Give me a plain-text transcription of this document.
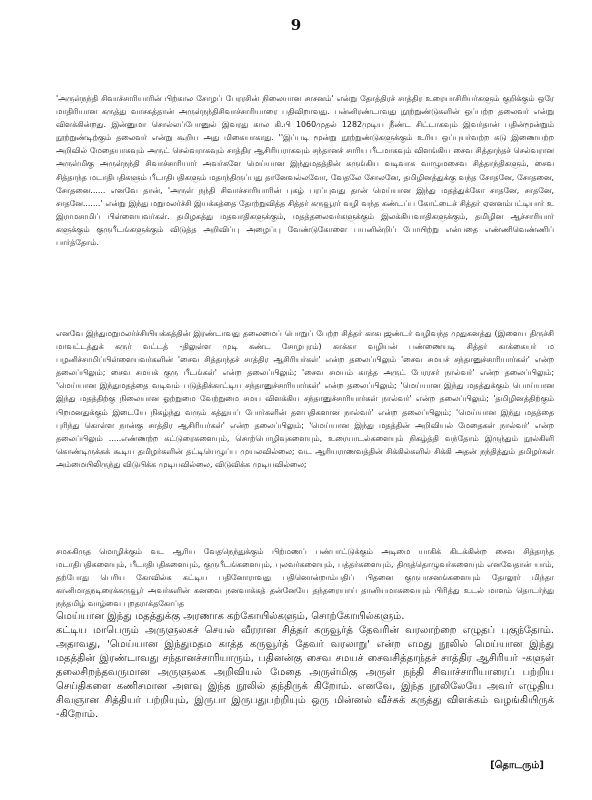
9
'அருள்நந்தி சிவாச்சாரியாரின் பிற்கால சோழப் பேரரசின் நிலையான சாசனம்' என்று தோத்திரச் சாத்திர உரையாசிரியர்களும் குறிக்கும் ஒரே மாதிரியான கருத்து வாசகத்தான் அருள்நந்திசிவாச்சாரியாரை பதிவிறாவது. பன்னிரண்டாவது நூற்றுண்டுகளின் ஒப்பற்ற தலைவர் என்று விளக்கின்றது. இன்னுமா சொல்லப்போனுல் இவரது கால கி.பி 1060முதல் 1282முடிய நீண்ட சிட்டாகவும் இவர்தான் பதின்மூன்றும் நூற்றுண்டிற்கும் தலைவர் என்று கூறிய அது மிகையாகாது. ''இப்படி மூன்று நூற்றுண்டுகளுக்கும் உரிய ஒப்புயர்வற்ற சுடு இணையற்ற அறிவில் மேதையாகவும் அருட் செல்வராகவும் சாத்திர ஆசிரியராகவும் சந்தானச் சாரிய பீடமாகவும் விளங்கிய சைவ சித்தாந்தச் செல்வரான அருள்மிகு அருள்நந்தி சிவாச்சாரியார் அவர்களே மெய்யான இந்துமதத்தின் கருங்கிய வடிவாக வாழுமசைவ சித்தாந்திகளும், சைவ சித்தாந்த மடாதிபதிகளும் பீடாதிபதிகளும் மதாந்திருப்பது தானேவல்லவோ, வேதலே சோலனே, தமிழினத்துக்கு வந்த சோதனே, சோதனை, சோதனை...... எனவே தான், 'அருள் நந்தி சிவாச்சாரியாரின் புகழ் பரப்புவது தான் மெய்யான இந்து மதத்துக்கோ சாதனே, சாதனே, சாதனே.......' என்று இந்து மறுமலர்ச்சி இயக்கத்தை தோற்றுவித்த சித்தர் கருவூரர் வழி வந்த கண்டப்ப கோட்டைச் சித்தர் ஏனனம்பட்டியார் உ இராமசாமிப் பிள்ளையவர்கள். தமிழகத்து மதவாதிகளுக்கும், மதத்தலைவர்களுக்கும் இலக்கியவாதிகளுக்கும், தமிழின ஆச்சாரியார் களுக்கும் குருபீடங்களுக்கும் விடுத்த அறிவிப்பு அழைப்பு வேண்டுகோளை பயனின்றிப் போயிற்று என்பதை எண்ணிவெண்ணிப் பார்த்தோம்.
எனவே இந்துமறுமலர்ச்சியியக்கத்தின் இரண்டாவது தலைமைப் பொறுப் பேற்ற சித்தர் காகபுஜண்டர் வழிவந்த முதுகனத்து (இளைய திருச்சி மாவட்டத்துக் கருர் வட்டத் -திலுள்ள முடி கண்ட சோழபுரம்) காக்கா வழியன் பண்ணையடி சித்தர் காக்கையர் ம பழனிச்சாமிப்பிள்ளையவர்களின் 'சைவ சித்தாந்தச் சாத்திர ஆசிரியர்கள்' என்ற தலைப்பிலும் 'சைவ சமயச் சந்தானுச்சாரியார்கள்' என்ற தலைப்பிலும்; சைவ சமயக் குரு பீடங்கள்' என்ற தலைப்பிலும்; 'சைவ சமயம் காத்த அருட் பேரரசர் நால்வர்' என்ற தலைப்பிலும்; 'மெய்யான இந்துமதத்தை வடிவம் படுத்திக்காட்டிய சந்தானுச்சாரியார்கள்' என்ற தலைப்பிலும்; 'மெய்யான இந்து மதத்துக்கும் பொய்யான இந்து மதத்திற்கு நிலையான ஓற்றுமை வேற்றுமை சமய விளக்கிய சந்தானுச்சாரியார்கள் நால்வர்' என்ற தலைப்பிலும்; 'தமிழினத்திற்கும் பிறமனதுக்கும் இடையே நிகழ்ந்து வரும் கத்துயப் போர்களின் தளபதிகளான நால்வர்' என்ற தலைப்பிலும்; 'மெய்யான இந்து மதத்தை புரிந்து கொள்ள நான்கு சாத்திர ஆசிரியர்கள்' என்ற தலைப்பிலும்; 'மெய்யான இந்து மதத்தின் அறிவியல் மேதைகள் நால்வர்' என்ற தலைப்பிலும் .....எண்ணற்ற கட்டுரைகளையும், சொற்பொழிவுகளையும், உரையாடல்களையும் நிகழ்த்தி வந்தோம் இருந்தும் நூல்கிளி கொண்டிருக்கக் கூடிய தமிழர்களின் தட்டியெழுப்ப முயலவில்லை; வட ஆரியராணவத்தின் சிக்கில்களில் சிக்கி அதன் நந்தித்தும் தமிழர்கள் அம்மையிலிருந்து விடுபிக்க முடியவில்லை, விடுவிக்க முடியவில்லை;
சமசுகிருத மொழிக்கும் வட ஆரிய வேதநெந்துக்கும் பிற்மணப் பண்பாட்டுக்கும் அடிமை யாகிக் கிடக்கின்ற சைவ சித்தாந்த மடாதிபதிகளையும், பீடாதிபதிகளையும், குருபீடங்களையும், புலவர்களையும், பத்தர்களையும், திருத்தொழுவர்களையும் எனவேதான் யாம், தற்போது பெரிய கோவில்க கட்டிய பதினோராவது பதினொன்றாம்பதிப் பிதனை குருபாசனங்களையும் தோலூர் மிந்தா கானிமாதநடிரைக்கருவூர் அவர்களின் கனவை நனவாக்கத் தன்னேயே தந்தரையாய் தானியமாகவையும் பிரித்து உடல் மாளம் தொடர்ந்து நந்தமிழ் வாழ்வை புறதராக்தகோப்த
மெய்யான இந்து மதத்துக்கு அரணாக கற்கோயில்களும், சொற்கோயில்களும்.
கட்டிய மாபெரும் அருளுலகச் செயல் வீரரான சித்தர் கருவூர்த் தேவரின் வரலாற்றை எழுதப் புகுந்தோம். அதாவது, 'மெய்யான இந்துமதம காத்த கருவூர்த் தேவர் வரலாறு' என்ற எமது நூலில் மெய்யான இந்து மதத்தின் இரண்டாவது சந்தானச்சாரியாரும், பதினன்கு சைவ சமயச் சைவசித்தாந்தச் சாத்திர ஆசிரியர் -களுள் தலைசிறந்தவருமான அருளுலக அறிவியல் மேதை அருள்மிகு அருள் நந்தி சிவாச்சாரியாரைப் பற்றிய செய்திகளை கணிசமான அளவு இந்த நூலில் தந்திருக் கிறோம். எனவே, இந்த நூலிலேயே அவர் எழுதிய சிவஞான சித்தியர் பற்றியும், இருபா இருபதுபற்றியும் ஒரு மின்னல் வீச்சுக் கருத்து விளக்கம் வழங்கியிருக் -கிறோம்.
[தொடரும்]
